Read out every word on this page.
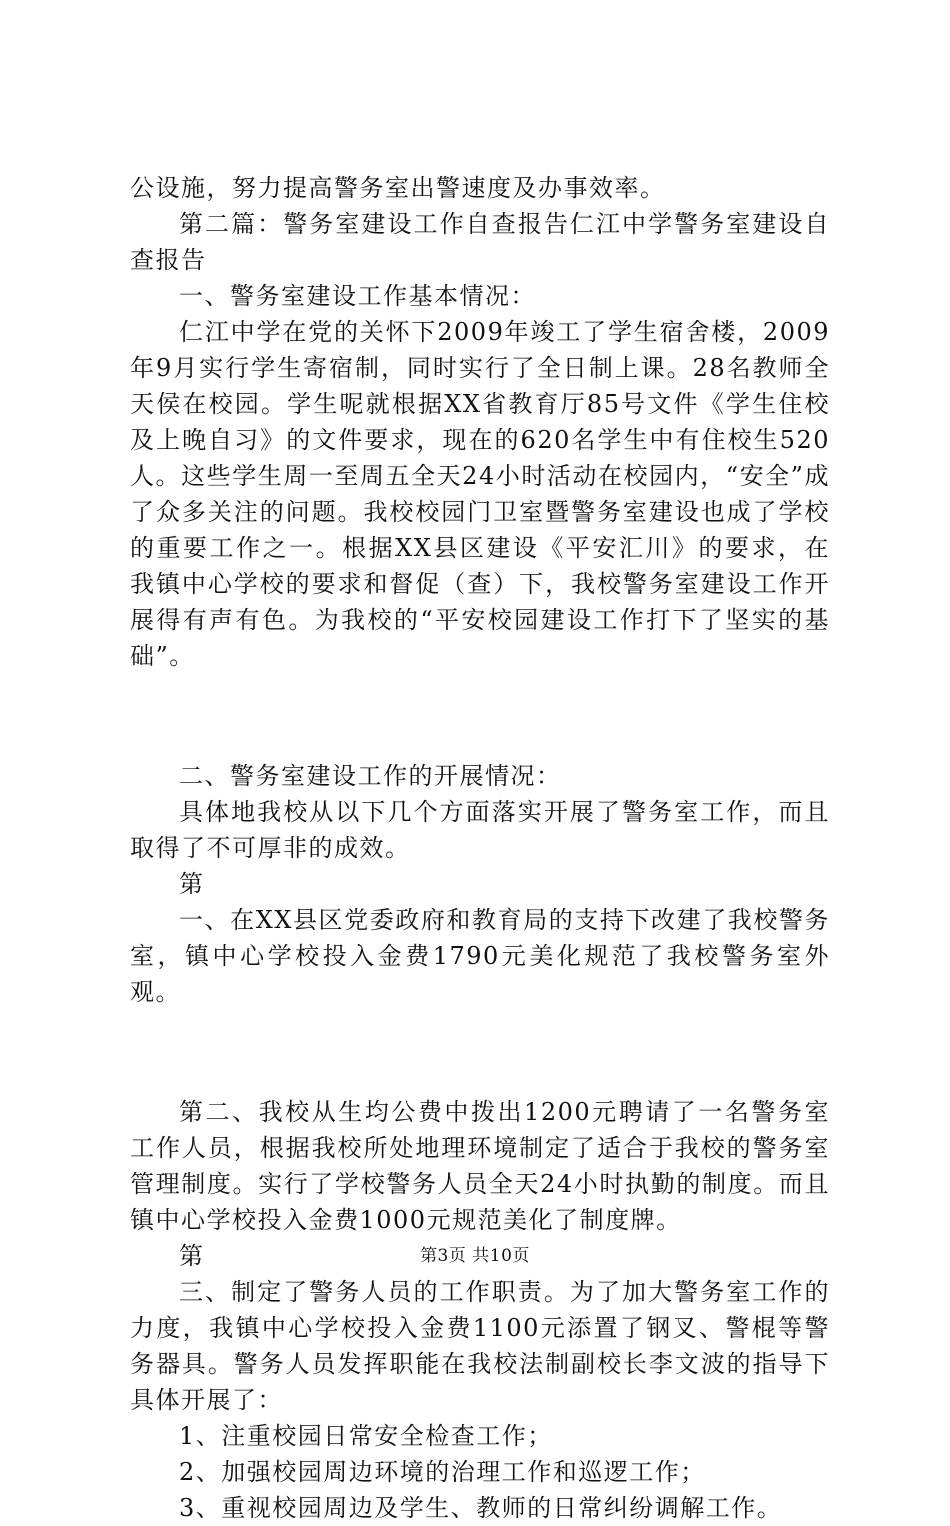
公设施，努力提高警务室出警速度及办事效率。

第二篇：警务室建设工作自查报告仁江中学警务室建设自查报告

一、警务室建设工作基本情况：

仁江中学在党的关怀下2009年竣工了学生宿舍楼，2009年9月实行学生寄宿制，同时实行了全日制上课。28名教师全天侯在校园。学生呢就根据XX省教育厅85号文件《学生住校及上晚自习》的文件要求，现在的620名学生中有住校生520人。这些学生周一至周五全天24小时活动在校园内，“安全”成了众多关注的问题。我校校园门卫室暨警务室建设也成了学校的重要工作之一。根据XX县区建设《平安汇川》的要求，在我镇中心学校的要求和督促（查）下，我校警务室建设工作开展得有声有色。为我校的“平安校园建设工作打下了坚实的基础”。

二、警务室建设工作的开展情况：

具体地我校从以下几个方面落实开展了警务室工作，而且取得了不可厚非的成效。

第

一、在XX县区党委政府和教育局的支持下改建了我校警务室，镇中心学校投入金费1790元美化规范了我校警务室外观。

第二、我校从生均公费中拨出1200元聘请了一名警务室工作人员，根据我校所处地理环境制定了适合于我校的警务室管理制度。实行了学校警务人员全天24小时执勤的制度。而且镇中心学校投入金费1000元规范美化了制度牌。

第

三、制定了警务人员的工作职责。为了加大警务室工作的力度，我镇中心学校投入金费1100元添置了钢叉、警棍等警务器具。警务人员发挥职能在我校法制副校长李文波的指导下具体开展了：

1、注重校园日常安全检查工作；

2、加强校园周边环境的治理工作和巡逻工作；

3、重视校园周边及学生、教师的日常纠纷调解工作。

第3页 共10页
